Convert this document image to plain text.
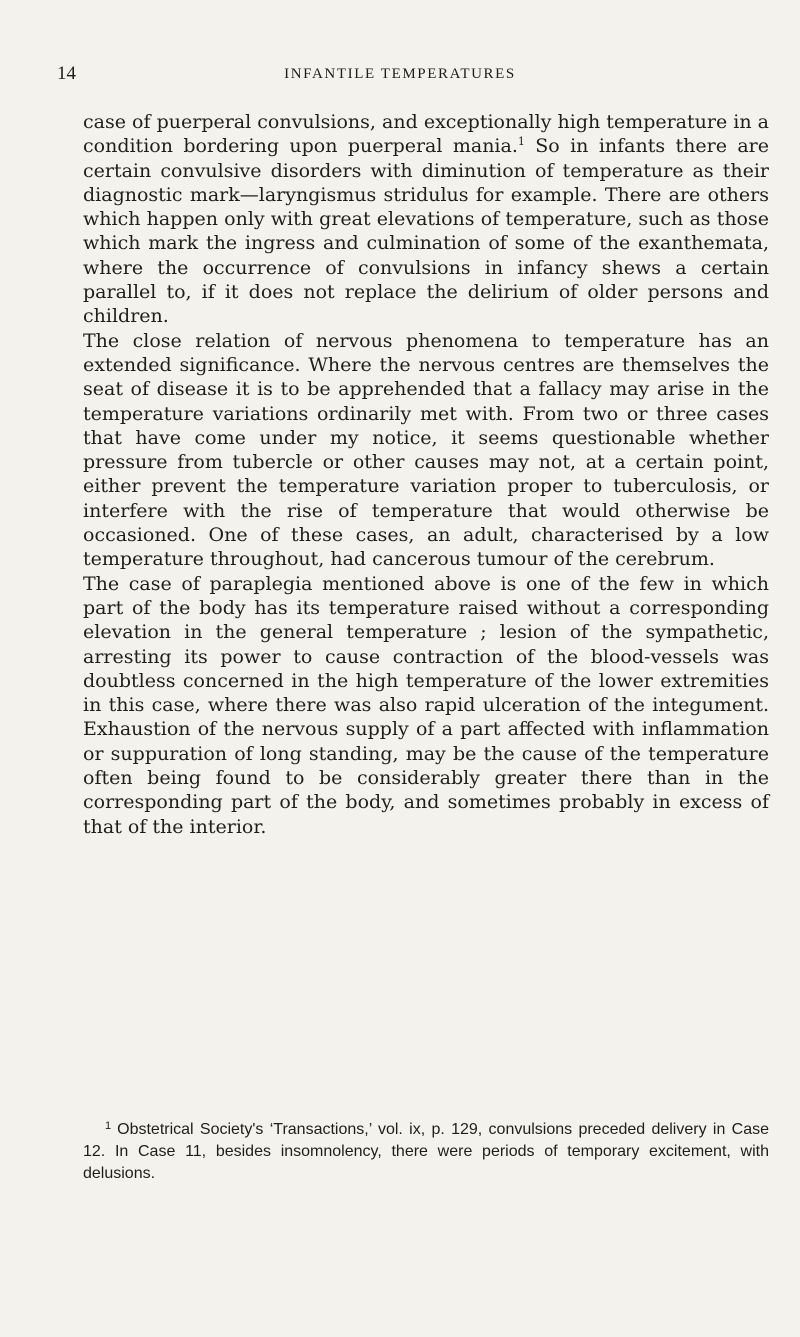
14	INFANTILE TEMPERATURES

case of puerperal convulsions, and exceptionally high temperature in a condition bordering upon puerperal mania.$^1$ So in infants there are certain convulsive disorders with diminution of temperature as their diagnostic mark—laryngismus stridulus for example. There are others which happen only with great elevations of temperature, such as those which mark the ingress and culmination of some of the exanthemata, where the occurrence of convulsions in infancy shews a certain parallel to, if it does not replace the delirium of older persons and children.

The close relation of nervous phenomena to temperature has an extended significance. Where the nervous centres are themselves the seat of disease it is to be apprehended that a fallacy may arise in the temperature variations ordinarily met with. From two or three cases that have come under my notice, it seems questionable whether pressure from tubercle or other causes may not, at a certain point, either prevent the temperature variation proper to tuberculosis, or interfere with the rise of temperature that would otherwise be occasioned. One of these cases, an adult, characterised by a low temperature throughout, had cancerous tumour of the cerebrum.

The case of paraplegia mentioned above is one of the few in which part of the body has its temperature raised without a corresponding elevation in the general temperature ; lesion of the sympathetic, arresting its power to cause contraction of the blood-vessels was doubtless concerned in the high temperature of the lower extremities in this case, where there was also rapid ulceration of the integument. Exhaustion of the nervous supply of a part affected with inflammation or suppuration of long standing, may be the cause of the temperature often being found to be considerably greater there than in the corresponding part of the body, and sometimes probably in excess of that of the interior.

$^1$ Obstetrical Society's ‘Transactions,’ vol. ix, p. 129, convulsions preceded delivery in Case 12. In Case 11, besides insomnolency, there were periods of temporary excitement, with delusions.
